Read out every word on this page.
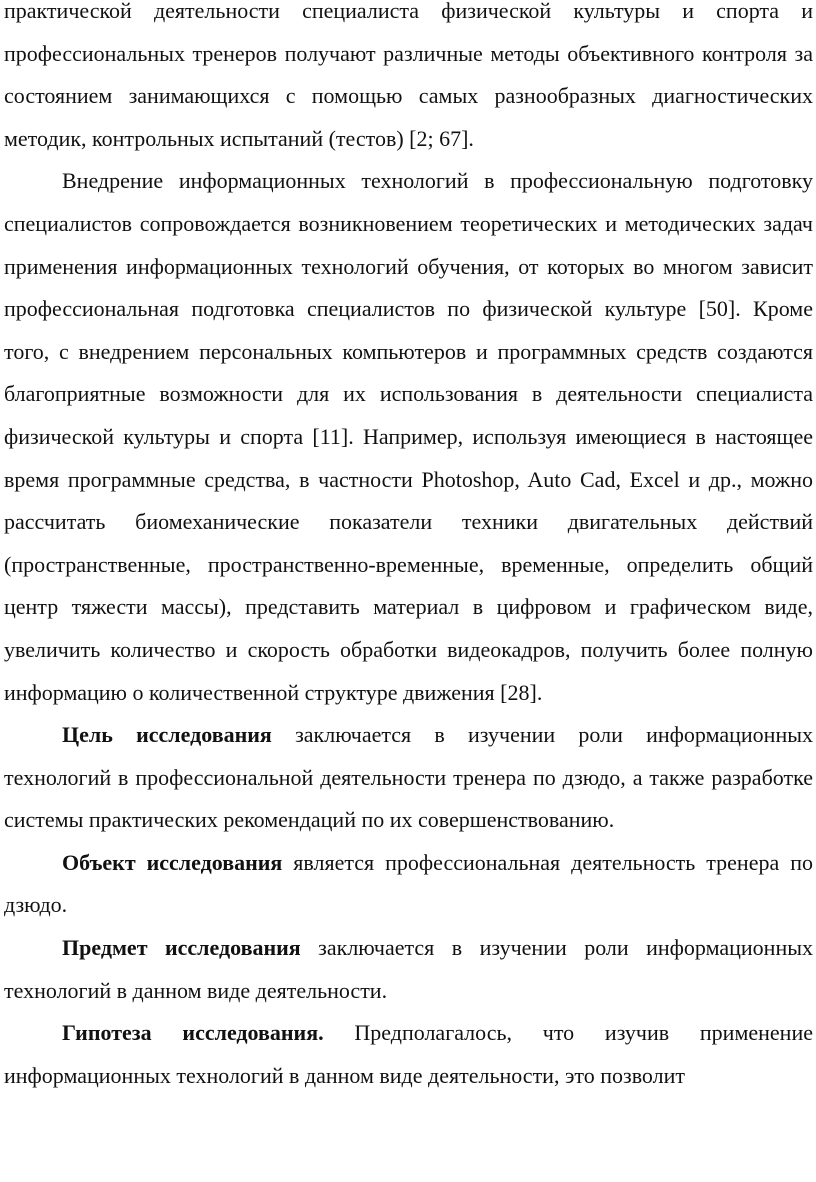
практической деятельности специалиста физической культуры и спорта и профессиональных тренеров получают различные методы объективного контроля за состоянием занимающихся с помощью самых разнообразных диагностических методик, контрольных испытаний (тестов) [2; 67].

Внедрение информационных технологий в профессиональную подготовку специалистов сопровождается возникновением теоретических и методических задач применения информационных технологий обучения, от которых во многом зависит профессиональная подготовка специалистов по физической культуре [50]. Кроме того, с внедрением персональных компьютеров и программных средств создаются благоприятные возможности для их использования в деятельности специалиста физической культуры и спорта [11]. Например, используя имеющиеся в настоящее время программные средства, в частности Photoshop, Auto Cad, Excel и др., можно рассчитать биомеханические показатели техники двигательных действий (пространственные, пространственно-временные, временные, определить общий центр тяжести массы), представить материал в цифровом и графическом виде, увеличить количество и скорость обработки видеокадров, получить более полную информацию о количественной структуре движения [28].

Цель исследования заключается в изучении роли информационных технологий в профессиональной деятельности тренера по дзюдо, а также разработке системы практических рекомендаций по их совершенствованию.

Объект исследования является профессиональная деятельность тренера по дзюдо.

Предмет исследования заключается в изучении роли информационных технологий в данном виде деятельности.

Гипотеза исследования. Предполагалось, что изучив применение информационных технологий в данном виде деятельности, это позволит
